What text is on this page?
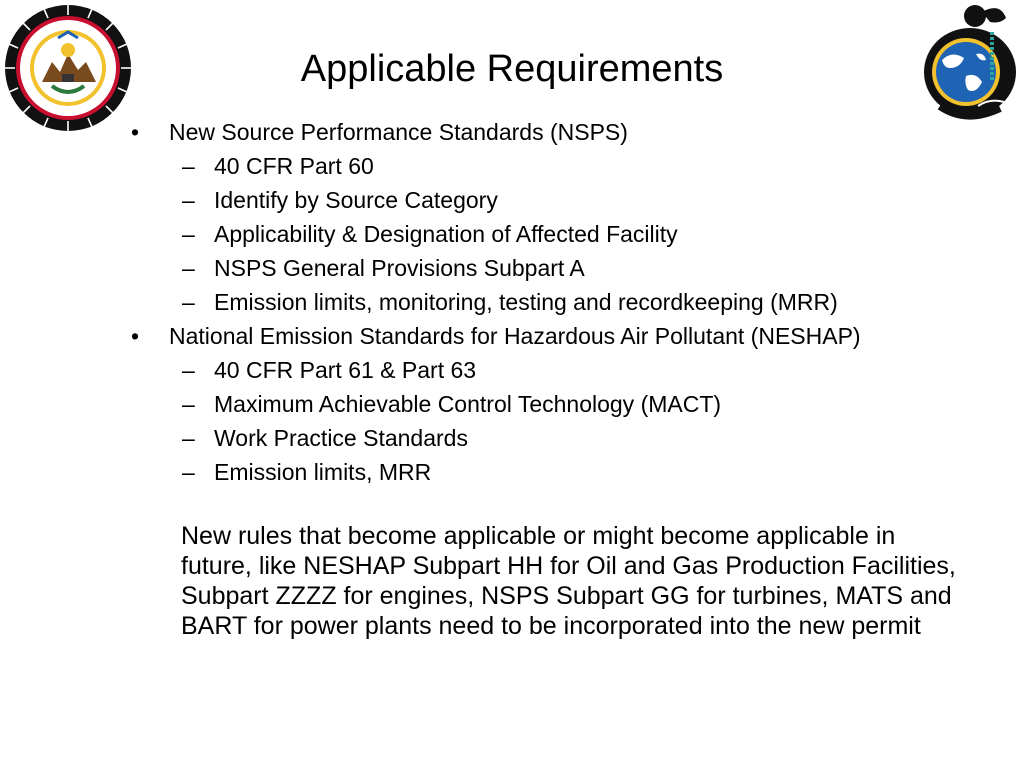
Applicable Requirements
• New Source Performance Standards (NSPS)
– 40 CFR Part 60
– Identify by Source Category
– Applicability & Designation of Affected Facility
– NSPS General Provisions Subpart A
– Emission limits, monitoring, testing and recordkeeping (MRR)
• National Emission Standards for Hazardous Air Pollutant (NESHAP)
– 40 CFR Part 61 & Part 63
– Maximum Achievable Control Technology (MACT)
– Work Practice Standards
– Emission limits, MRR
New rules that become applicable or might become applicable in future, like NESHAP Subpart HH for Oil and Gas Production Facilities, Subpart ZZZZ for engines, NSPS Subpart GG for turbines, MATS and BART for power plants need to be incorporated into the new permit
